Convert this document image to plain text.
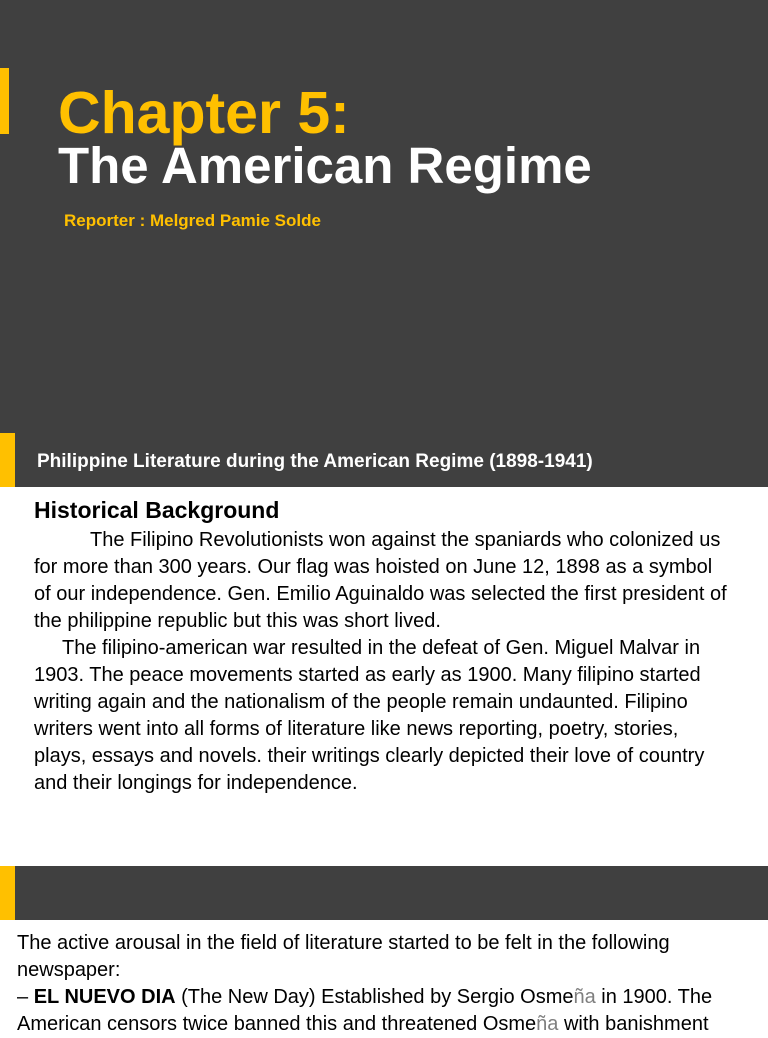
Chapter 5:
The American Regime
Reporter : Melgred Pamie Solde
Philippine Literature during the American Regime (1898-1941)
Historical Background

The Filipino Revolutionists won against the spaniards who colonized us for more than 300 years. Our flag was hoisted on June 12, 1898 as a symbol of our independence. Gen. Emilio Aguinaldo was selected the first president of the philippine republic but this was short lived.

The filipino-american war resulted in the defeat of Gen. Miguel Malvar in 1903. The peace movements started as early as 1900. Many filipino started writing again and the nationalism of the people remain undaunted. Filipino writers went into all forms of literature like news reporting, poetry, stories, plays, essays and novels. their writings clearly depicted their love of country and their longings for independence.

The active arousal in the field of literature started to be felt in the following newspaper:

– EL NUEVO DIA (The New Day) Established by Sergio Osmeña in 1900. The American censors twice banned this and threatened Osmeña with banishment
